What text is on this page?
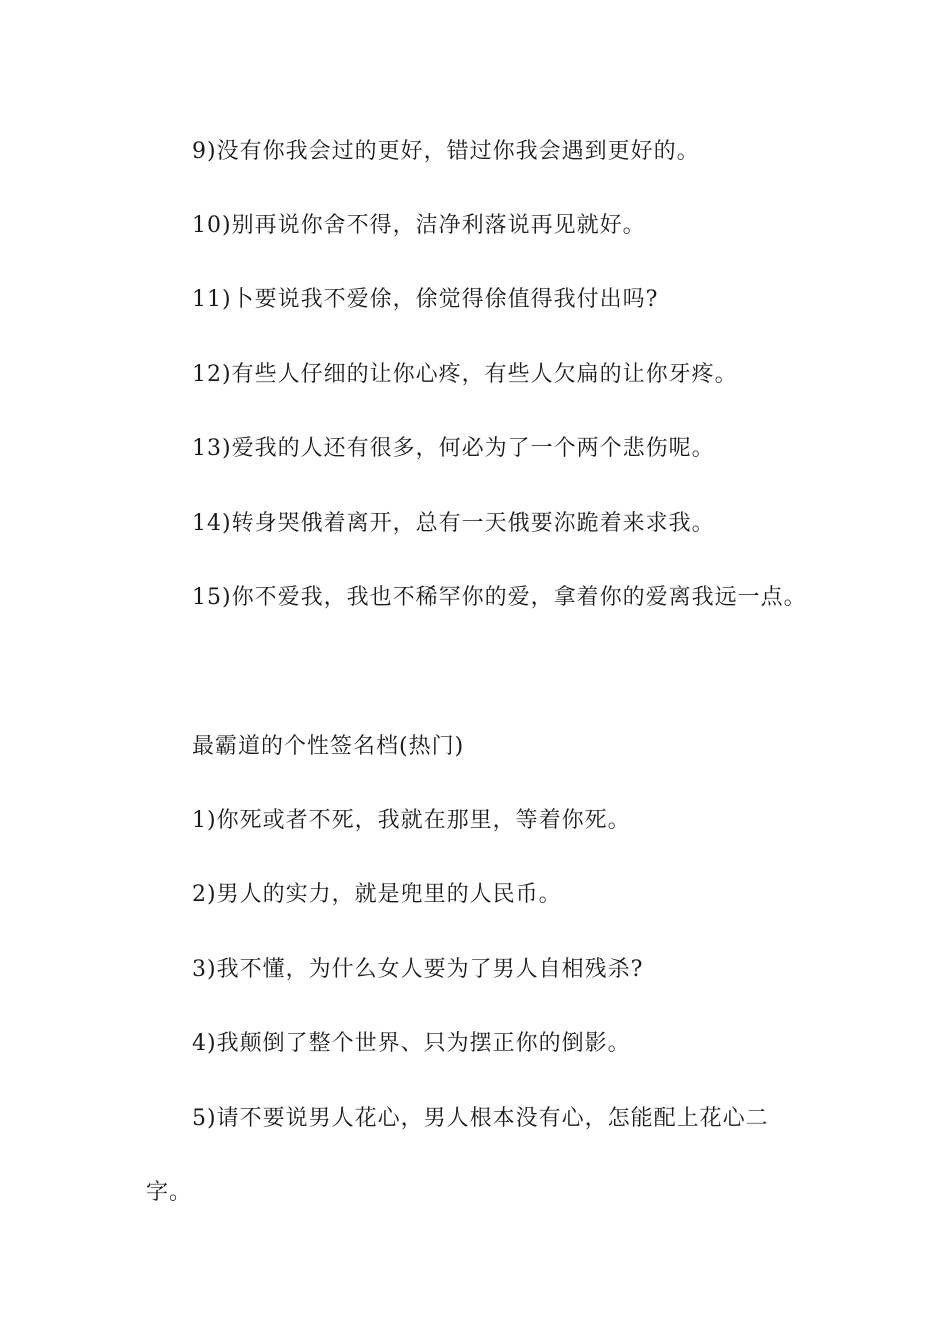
9)没有你我会过的更好，错过你我会遇到更好的。
10)别再说你舍不得，洁净利落说再见就好。
11)卜要说我不爱俆，俆觉得俆值得我付出吗?
12)有些人仔细的让你心疼，有些人欠扁的让你牙疼。
13)爱我的人还有很多，何必为了一个两个悲伤呢。
14)转身哭俄着离开，总有一天俄要沵跪着来求我。
15)你不爱我，我也不稀罕你的爱，拿着你的爱离我远一点。
最霸道的个性签名档(热门)
1)你死或者不死，我就在那里，等着你死。
2)男人的实力，就是兜里的人民币。
3)我不懂，为什么女人要为了男人自相残杀?
4)我颠倒了整个世界、只为摆正你的倒影。
5)请不要说男人花心，男人根本没有心，怎能配上花心二
字。
